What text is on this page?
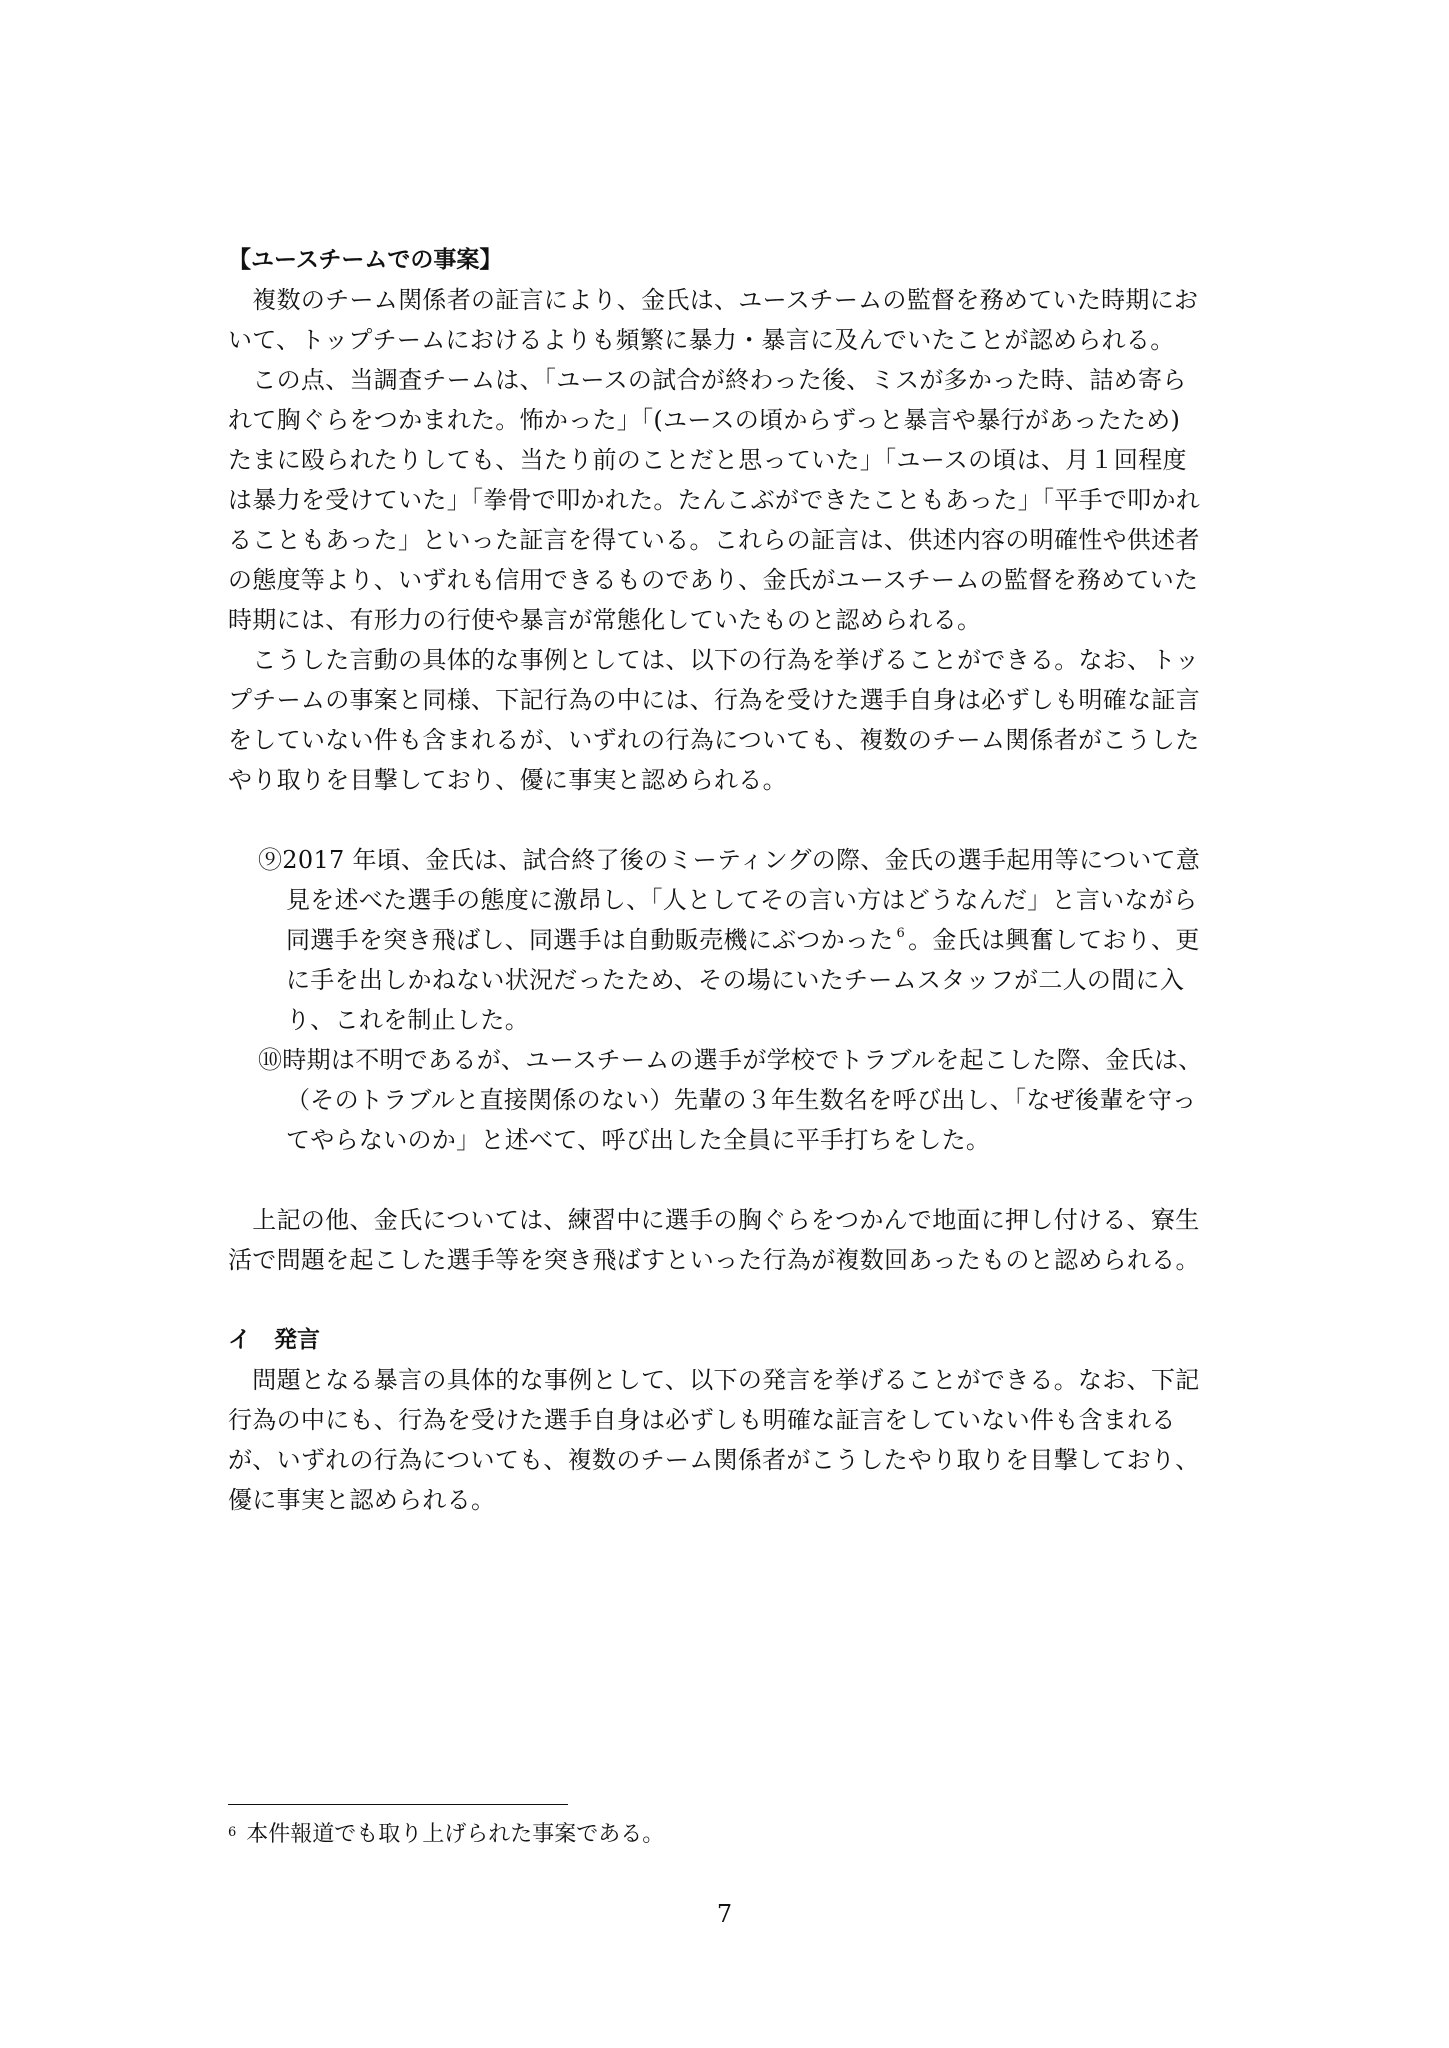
【ユースチームでの事案】
　複数のチーム関係者の証言により、金氏は、ユースチームの監督を務めていた時期にお
いて、トップチームにおけるよりも頻繁に暴力・暴言に及んでいたことが認められる。
　この点、当調査チームは、「ユースの試合が終わった後、ミスが多かった時、詰め寄ら
れて胸ぐらをつかまれた。怖かった」「(ユースの頃からずっと暴言や暴行があったため)
たまに殴られたりしても、当たり前のことだと思っていた」「ユースの頃は、月１回程度
は暴力を受けていた」「拳骨で叩かれた。たんこぶができたこともあった」「平手で叩かれ
ることもあった」といった証言を得ている。これらの証言は、供述内容の明確性や供述者
の態度等より、いずれも信用できるものであり、金氏がユースチームの監督を務めていた
時期には、有形力の行使や暴言が常態化していたものと認められる。
　こうした言動の具体的な事例としては、以下の行為を挙げることができる。なお、トッ
プチームの事案と同様、下記行為の中には、行為を受けた選手自身は必ずしも明確な証言
をしていない件も含まれるが、いずれの行為についても、複数のチーム関係者がこうした
やり取りを目撃しており、優に事実と認められる。
⑨2017 年頃、金氏は、試合終了後のミーティングの際、金氏の選手起用等について意
見を述べた選手の態度に激昂し、「人としてその言い方はどうなんだ」と言いながら
同選手を突き飛ばし、同選手は自動販売機にぶつかった $^6$ 。金氏は興奮しており、更
に手を出しかねない状況だったため、その場にいたチームスタッフが二人の間に入
り、これを制止した。
⑩時期は不明であるが、ユースチームの選手が学校でトラブルを起こした際、金氏は、
（そのトラブルと直接関係のない）先輩の３年生数名を呼び出し、「なぜ後輩を守っ
てやらないのか」と述べて、呼び出した全員に平手打ちをした。
　上記の他、金氏については、練習中に選手の胸ぐらをつかんで地面に押し付ける、寮生
活で問題を起こした選手等を突き飛ばすといった行為が複数回あったものと認められる。
イ　発言
　問題となる暴言の具体的な事例として、以下の発言を挙げることができる。なお、下記
行為の中にも、行為を受けた選手自身は必ずしも明確な証言をしていない件も含まれる
が、いずれの行為についても、複数のチーム関係者がこうしたやり取りを目撃しており、
優に事実と認められる。
$^6$ 本件報道でも取り上げられた事案である。
7
